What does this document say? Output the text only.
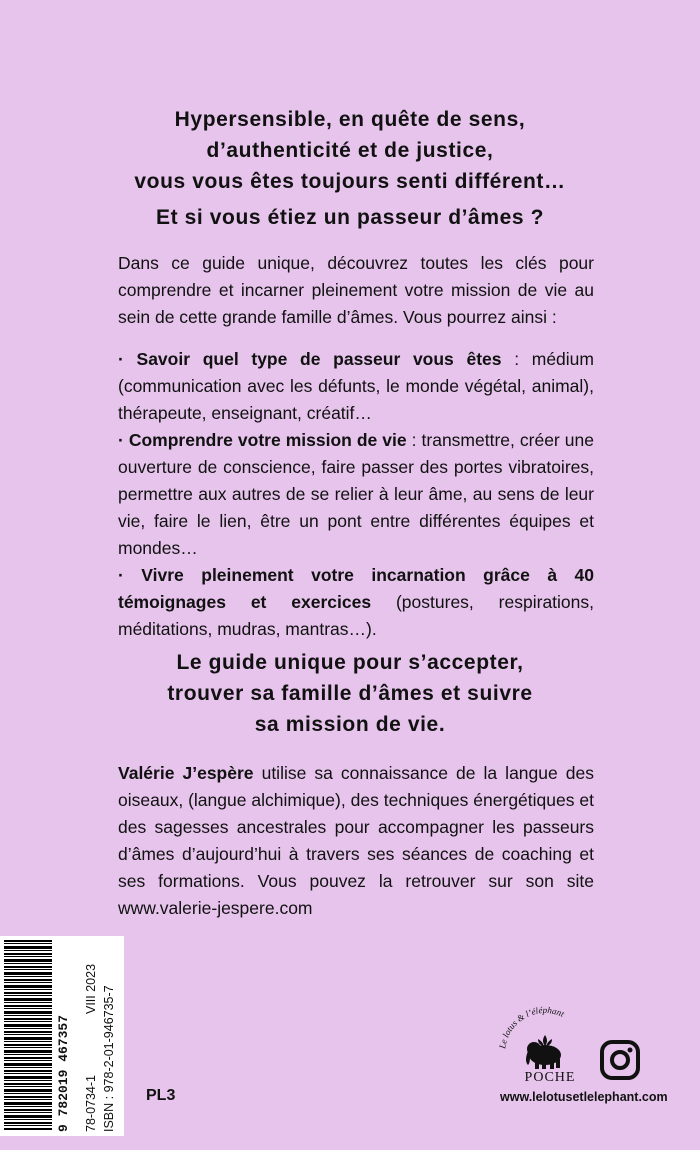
Hypersensible, en quête de sens,
d’authenticité et de justice,
vous vous êtes toujours senti différent…
Et si vous étiez un passeur d’âmes ?
Dans ce guide unique, découvrez toutes les clés pour comprendre et incarner pleinement votre mission de vie au sein de cette grande famille d’âmes. Vous pourrez ainsi :
· Savoir quel type de passeur vous êtes : médium (communication avec les défunts, le monde végétal, animal), thérapeute, enseignant, créatif…
· Comprendre votre mission de vie : transmettre, créer une ouverture de conscience, faire passer des portes vibratoires, permettre aux autres de se relier à leur âme, au sens de leur vie, faire le lien, être un pont entre différentes équipes et mondes…
· Vivre pleinement votre incarnation grâce à 40 témoignages et exercices (postures, respirations, méditations, mudras, mantras…).
Le guide unique pour s’accepter,
trouver sa famille d’âmes et suivre
sa mission de vie.
Valérie J’espère utilise sa connaissance de la langue des oiseaux, (langue alchimique), des techniques énergétiques et des sagesses ancestrales pour accompagner les passeurs d’âmes d’aujourd’hui à travers ses séances de coaching et ses formations. Vous pouvez la retrouver sur son site www.valerie-jespere.com
9 782019 467357 78-0734-1
VIII 2023 ISBN : 978-2-01-946735-7 PL3
Le lotus & l’éléphant
POCHE
www.lelotusetlelephant.com
